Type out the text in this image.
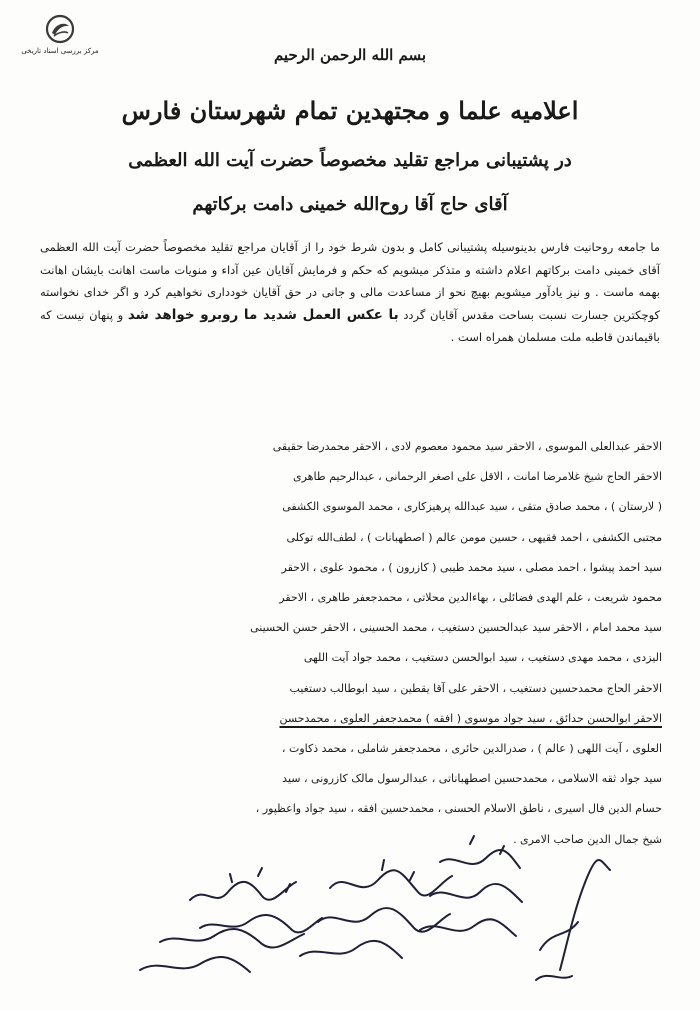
مرکز بررسی اسناد تاریخی	بسم الله الرحمن الرحیم
اعلامیه علما و مجتهدین تمام شهرستان فارس
در پشتیبانی مراجع تقلید مخصوصاً حضرت آیت الله العظمی
آقای حاج آقا روح‌الله خمینی دامت برکاتهم

ما جامعه روحانیت فارس بدینوسیله پشتیبانی کامل و بدون شرط خود را از آقایان مراجع تقلید مخصوصاً حضرت آیت الله العظمی آقای خمینی دامت برکاتهم اعلام داشته و متذکر میشویم که حکم و فرمایش آقایان عین آداء و منویات ماست اهانت بایشان اهانت بهمه ماست . و نیز یادآور میشویم بهیچ نحو از مساعدت مالی و جانی در حق آقایان خودداری نخواهیم کرد و اگر خدای نخواسته کوچکترین جسارت نسبت بساحت مقدس آقایان گردد با عکس العمل شدید ما روبرو خواهد شد و پنهان نیست که باقیماندن قاطبه ملت مسلمان همراه است .

الاحقر عبدالعلی الموسوی ، الاحقر سید محمود معصوم لادی ، الاحقر محمدرضا حقیقی

الاحقر الحاج شیخ غلامرضا امانت ، الاقل علی اصغر الرحمانی ، عبدالرحیم طاهری

( لارستان ) ، محمد صادق متقی ، سید عبدالله پرهیزکاری ، محمد الموسوی الکشفی

مجتبی الکشفی ، احمد فقیهی ، حسین مومن عالم ( اصطهبانات ) ، لطف‌الله توکلی

سید احمد پیشوا ، احمد مصلی ، سید محمد طیبی ( کازرون ) ، محمود علوی ، الاحقر

محمود شریعت ، علم الهدی فضائلی ، بهاءالدین محلاتی ، محمدجعفر طاهری ، الاحقر

سید محمد امام ، الاحقر سید عبدالحسین دستغیب ، محمد الحسینی ، الاحقر حسن الحسینی

الیزدی ، محمد مهدی دستغیب ، سید ابوالحسن دستغیب ، محمد جواد آیت اللهی

الاحقر الحاج محمدحسین دستغیب ، الاحقر علی آقا یقطین ، سید ابوطالب دستغیب

الاحقر ابوالحسن حدائق ، سید جواد موسوی ( افقه ) محمدجعفر العلوی ، محمدحسن

العلوی ، آیت اللهی ( عالم ) ، صدرالدین حائری ، محمدجعفر شاملی ، محمد ذکاوت ،

سید جواد ثقه الاسلامی ، محمدحسین اصطهباناتی ، عبدالرسول مالک کازرونی ، سید

حسام الدین فال اسیری ، ناطق الاسلام الحسنی ، محمدحسین افقه ، سید جواد واعظپور ،

شیخ جمال الدین صاحب الامری .
